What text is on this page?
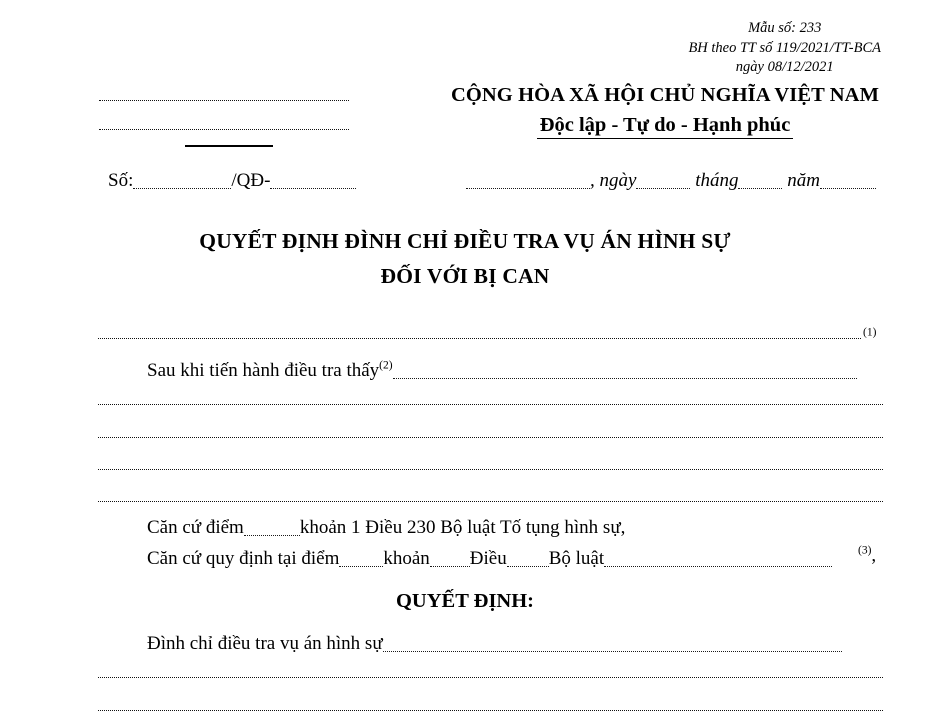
Mẫu số: 233
BH theo TT số 119/2021/TT-BCA
ngày 08/12/2021
CỘNG HÒA XÃ HỘI CHỦ NGHĨA VIỆT NAM
Độc lập - Tự do - Hạnh phúc
Số:	/QĐ-	, ngày	tháng	năm
QUYẾT ĐỊNH ĐÌNH CHỈ ĐIỀU TRA VỤ ÁN HÌNH SỰ
ĐỐI VỚI BỊ CAN
$^{(1)}$
Sau khi tiến hành điều tra thấy$^{(2)}$
Căn cứ điểm	khoản 1 Điều 230 Bộ luật Tố tụng hình sự,
Căn cứ quy định tại điểm khoản Điều Bộ luật	$^{(3)}$,
QUYẾT ĐỊNH:
Đình chỉ điều tra vụ án hình sự
